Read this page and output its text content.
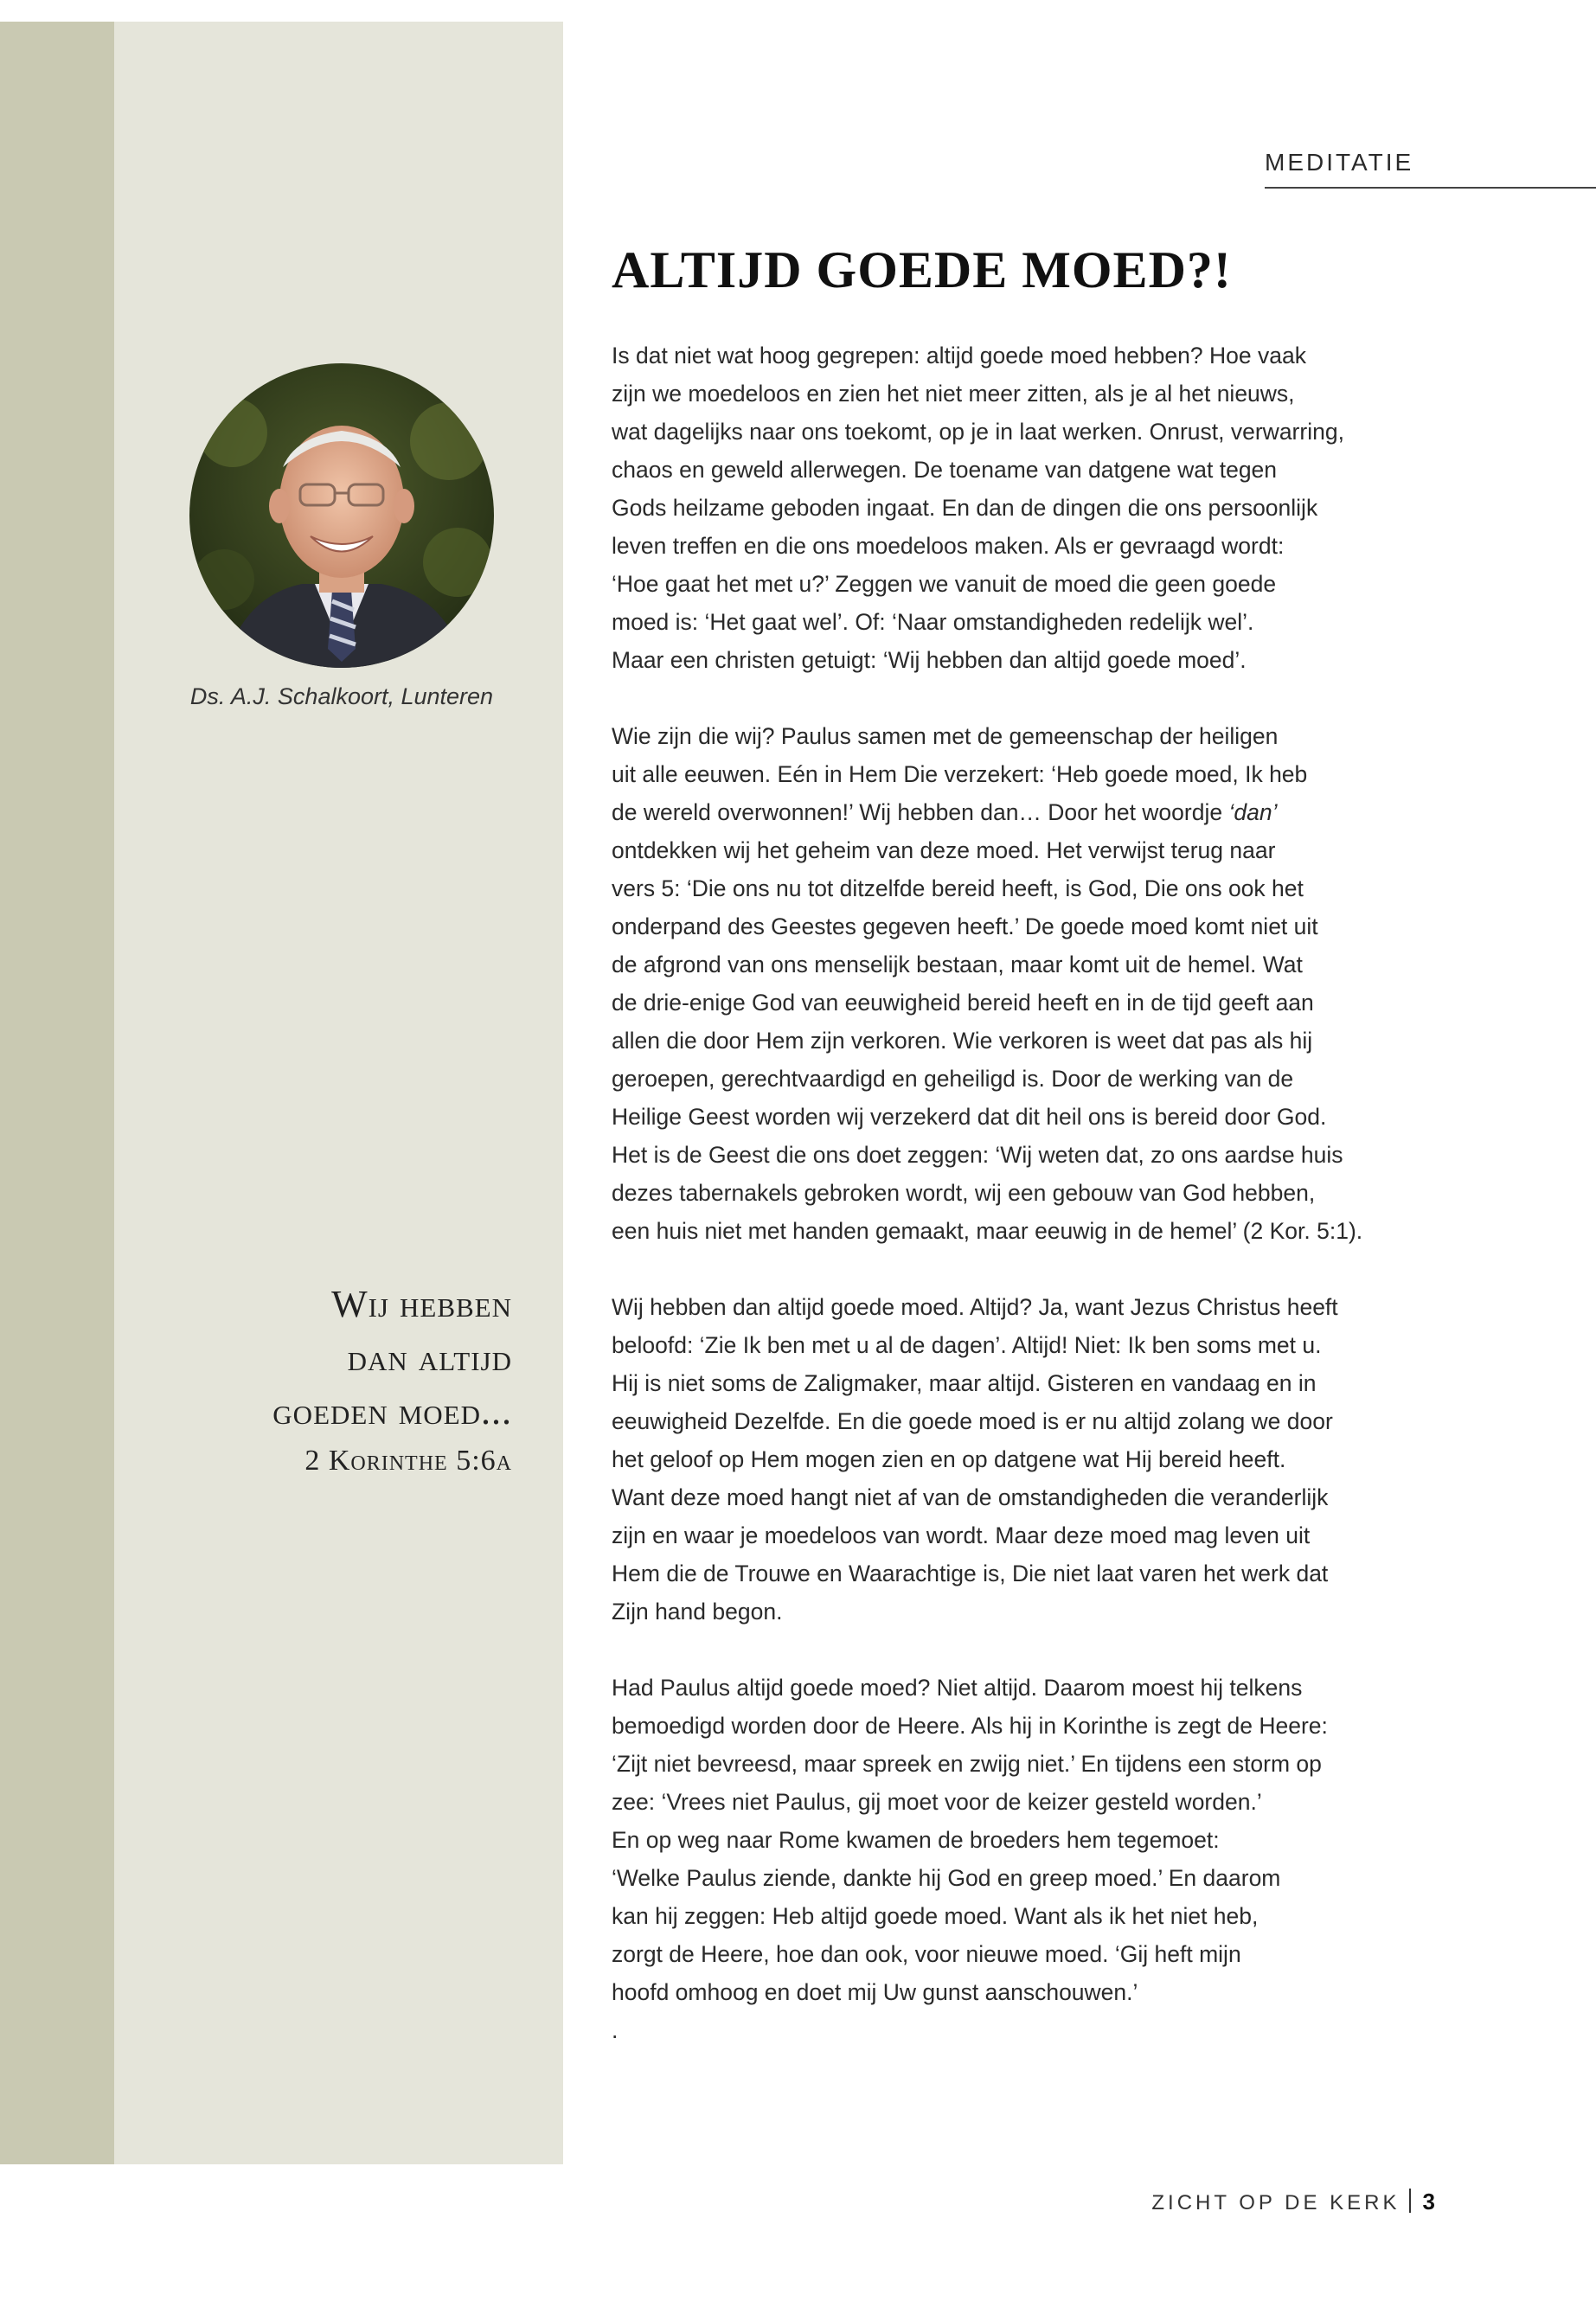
MEDITATIE
ALTIJD GOEDE MOED?!
Ds. A.J. Schalkoort, Lunteren
Wij hebben
dan altijd
goeden moed...
2 Korinthe 5:6a
Is dat niet wat hoog gegrepen: altijd goede moed hebben? Hoe vaak
zijn we moedeloos en zien het niet meer zitten, als je al het nieuws,
wat dagelijks naar ons toekomt, op je in laat werken. Onrust, verwarring,
chaos en geweld allerwegen. De toename van datgene wat tegen
Gods heilzame geboden ingaat. En dan de dingen die ons persoonlijk
leven treffen en die ons moedeloos maken. Als er gevraagd wordt:
‘Hoe gaat het met u?’ Zeggen we vanuit de moed die geen goede
moed is: ‘Het gaat wel’. Of: ‘Naar omstandigheden redelijk wel’.
Maar een christen getuigt: ‘Wij hebben dan altijd goede moed’.
Wie zijn die wij? Paulus samen met de gemeenschap der heiligen
uit alle eeuwen. Eén in Hem Die verzekert: ‘Heb goede moed, Ik heb
de wereld overwonnen!’ Wij hebben dan… Door het woordje ‘dan’
ontdekken wij het geheim van deze moed. Het verwijst terug naar
vers 5: ‘Die ons nu tot ditzelfde bereid heeft, is God, Die ons ook het
onderpand des Geestes gegeven heeft.’ De goede moed komt niet uit
de afgrond van ons menselijk bestaan, maar komt uit de hemel. Wat
de drie-enige God van eeuwigheid bereid heeft en in de tijd geeft aan
allen die door Hem zijn verkoren. Wie verkoren is weet dat pas als hij
geroepen, gerechtvaardigd en geheiligd is. Door de werking van de
Heilige Geest worden wij verzekerd dat dit heil ons is bereid door God.
Het is de Geest die ons doet zeggen: ‘Wij weten dat, zo ons aardse huis
dezes tabernakels gebroken wordt, wij een gebouw van God hebben,
een huis niet met handen gemaakt, maar eeuwig in de hemel’ (2 Kor. 5:1).
Wij hebben dan altijd goede moed. Altijd? Ja, want Jezus Christus heeft
beloofd: ‘Zie Ik ben met u al de dagen’. Altijd! Niet: Ik ben soms met u.
Hij is niet soms de Zaligmaker, maar altijd. Gisteren en vandaag en in
eeuwigheid Dezelfde. En die goede moed is er nu altijd zolang we door
het geloof op Hem mogen zien en op datgene wat Hij bereid heeft.
Want deze moed hangt niet af van de omstandigheden die veranderlijk
zijn en waar je moedeloos van wordt. Maar deze moed mag leven uit
Hem die de Trouwe en Waarachtige is, Die niet laat varen het werk dat
Zijn hand begon.
Had Paulus altijd goede moed? Niet altijd. Daarom moest hij telkens
bemoedigd worden door de Heere. Als hij in Korinthe is zegt de Heere:
‘Zijt niet bevreesd, maar spreek en zwijg niet.’ En tijdens een storm op
zee: ‘Vrees niet Paulus, gij moet voor de keizer gesteld worden.’
En op weg naar Rome kwamen de broeders hem tegemoet:
‘Welke Paulus ziende, dankte hij God en greep moed.’ En daarom
kan hij zeggen: Heb altijd goede moed. Want als ik het niet heb,
zorgt de Heere, hoe dan ook, voor nieuwe moed. ‘Gij heft mijn
hoofd omhoog en doet mij Uw gunst aanschouwen.’
.
ZICHT OP DE KERK 3
